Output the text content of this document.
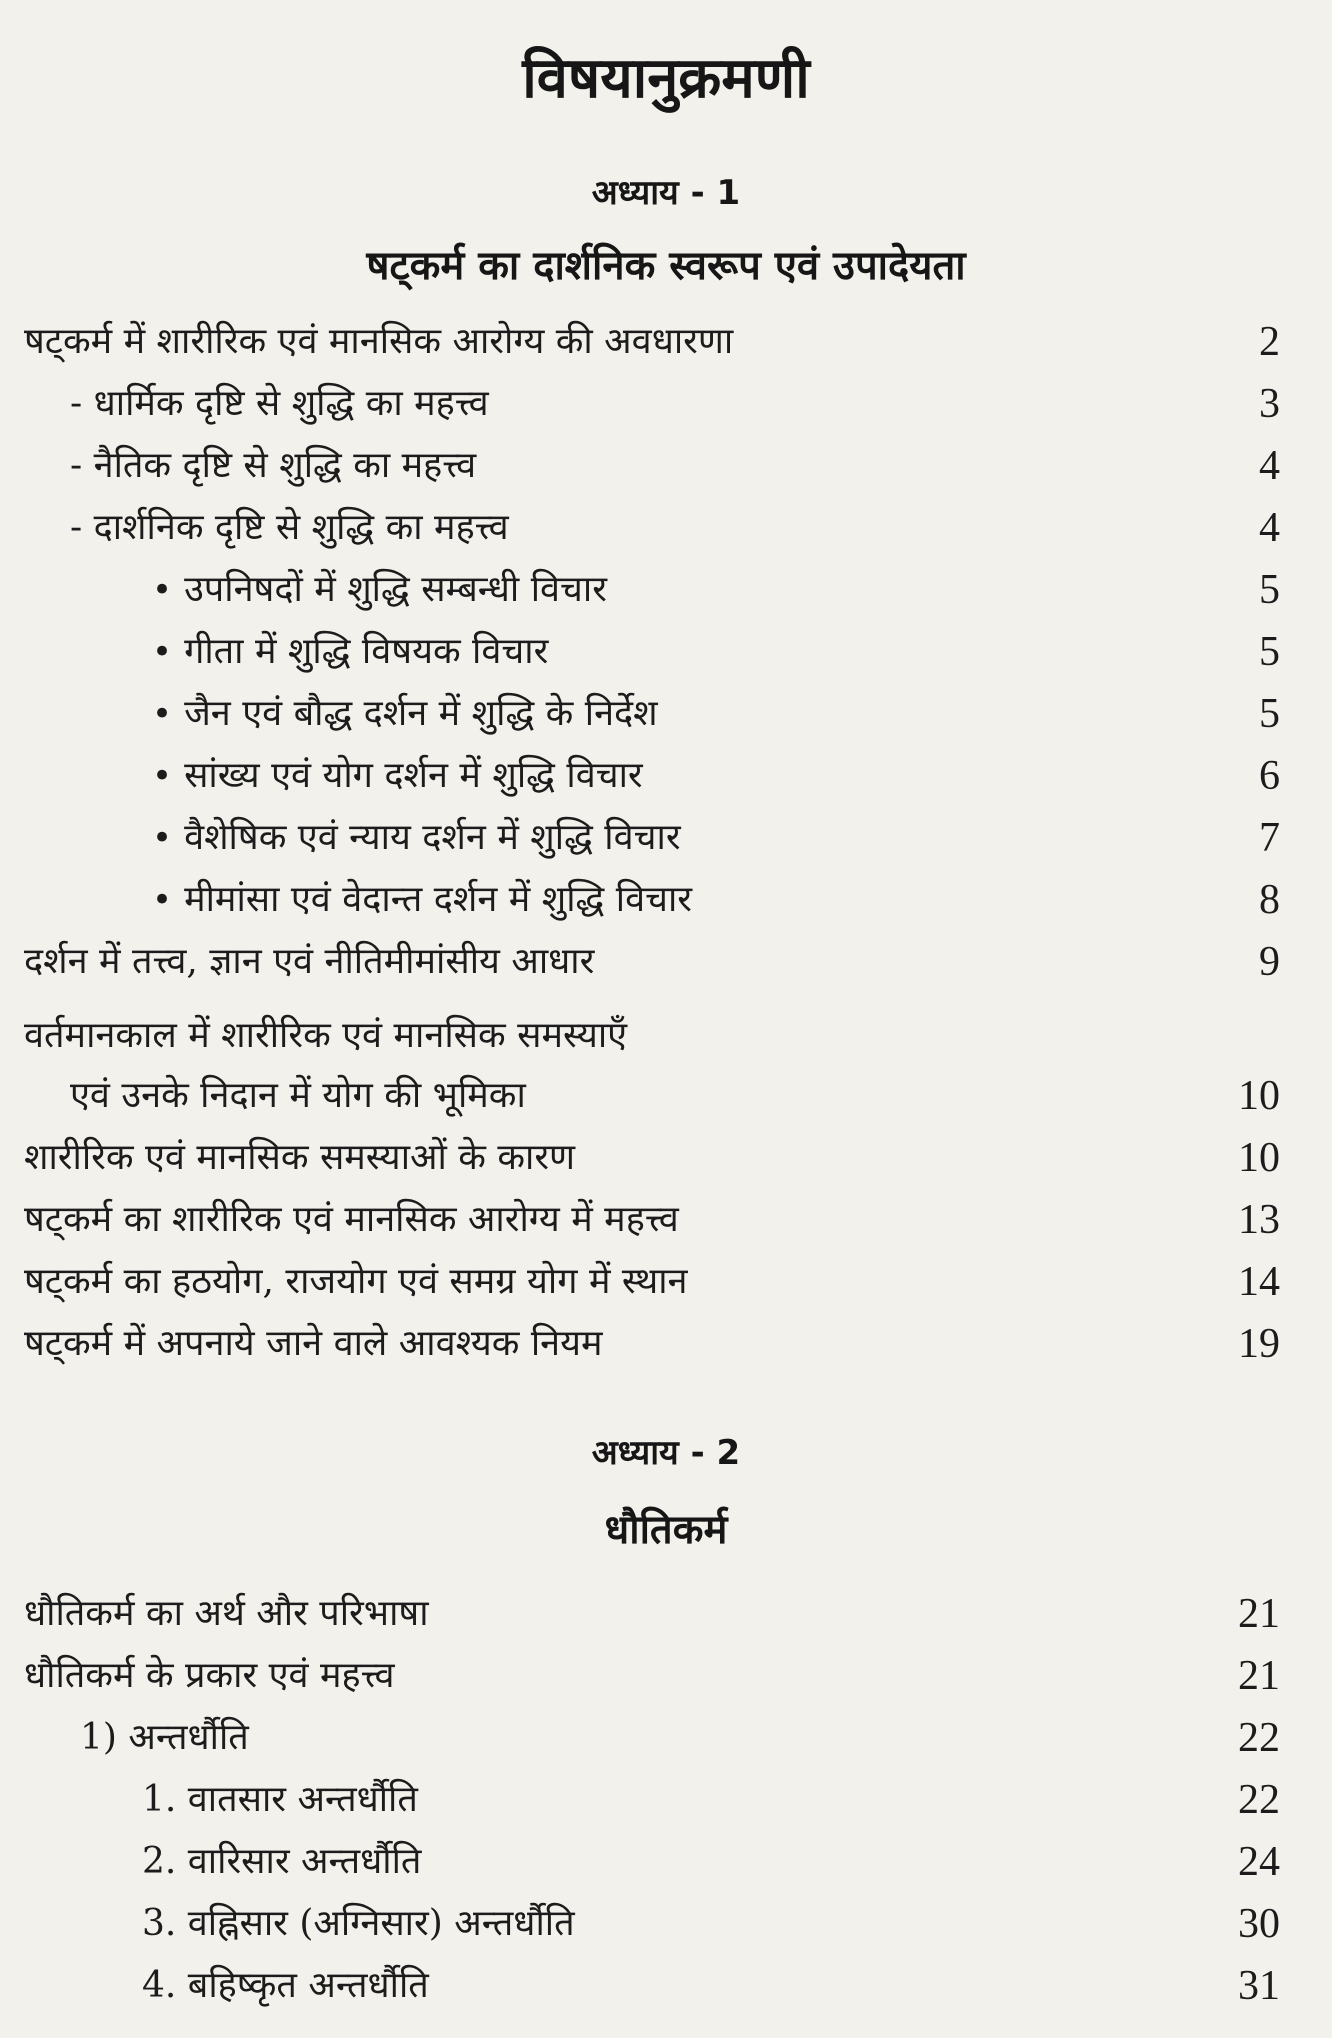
विषयानुक्रमणी
अध्याय - 1
षट्कर्म का दार्शनिक स्वरूप एवं उपादेयता
षट्कर्म में शारीरिक एवं मानसिक आरोग्य की अवधारणा	2
- धार्मिक दृष्टि से शुद्धि का महत्त्व	3
- नैतिक दृष्टि से शुद्धि का महत्त्व	4
- दार्शनिक दृष्टि से शुद्धि का महत्त्व	4
• उपनिषदों में शुद्धि सम्बन्धी विचार	5
• गीता में शुद्धि विषयक विचार	5
• जैन एवं बौद्ध दर्शन में शुद्धि के निर्देश	5
• सांख्य एवं योग दर्शन में शुद्धि विचार	6
• वैशेषिक एवं न्याय दर्शन में शुद्धि विचार	7
• मीमांसा एवं वेदान्त दर्शन में शुद्धि विचार	8
दर्शन में तत्त्व, ज्ञान एवं नीतिमीमांसीय आधार	9
वर्तमानकाल में शारीरिक एवं मानसिक समस्याएँ
एवं उनके निदान में योग की भूमिका	10
शारीरिक एवं मानसिक समस्याओं के कारण	10
षट्कर्म का शारीरिक एवं मानसिक आरोग्य में महत्त्व	13
षट्कर्म का हठयोग, राजयोग एवं समग्र योग में स्थान	14
षट्कर्म में अपनाये जाने वाले आवश्यक नियम	19
अध्याय - 2
धौतिकर्म
धौतिकर्म का अर्थ और परिभाषा	21
धौतिकर्म के प्रकार एवं महत्त्व	21
1) अन्तर्धौति	22
1. वातसार अन्तर्धौति	22
2. वारिसार अन्तर्धौति	24
3. वह्निसार (अग्निसार) अन्तर्धौति	30
4. बहिष्कृत अन्तर्धौति	31
